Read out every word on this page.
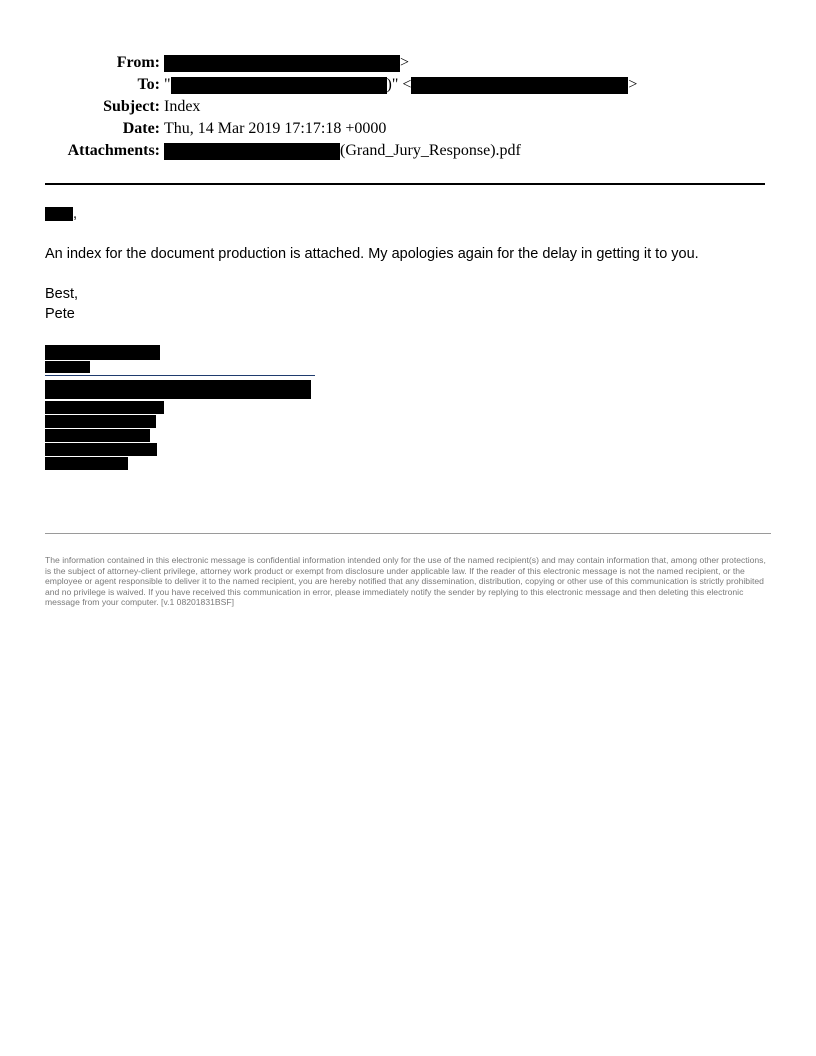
From:	>
To: "	)" <	>
Subject: Index
Date: Thu, 14 Mar 2019 17:17:18 +0000
Attachments:	(Grand_Jury_Response).pdf
,
An index for the document production is attached. My apologies again for the delay in getting it to you.
Best,
Pete
The information contained in this electronic message is confidential information intended only for the use of the named recipient(s) and may contain information that, among other protections, is the subject of attorney-client privilege, attorney work product or exempt from disclosure under applicable law. If the reader of this electronic message is not the named recipient, or the employee or agent responsible to deliver it to the named recipient, you are hereby notified that any dissemination, distribution, copying or other use of this communication is strictly prohibited and no privilege is waived. If you have received this communication in error, please immediately notify the sender by replying to this electronic message and then deleting this electronic message from your computer. [v.1 08201831BSF]
